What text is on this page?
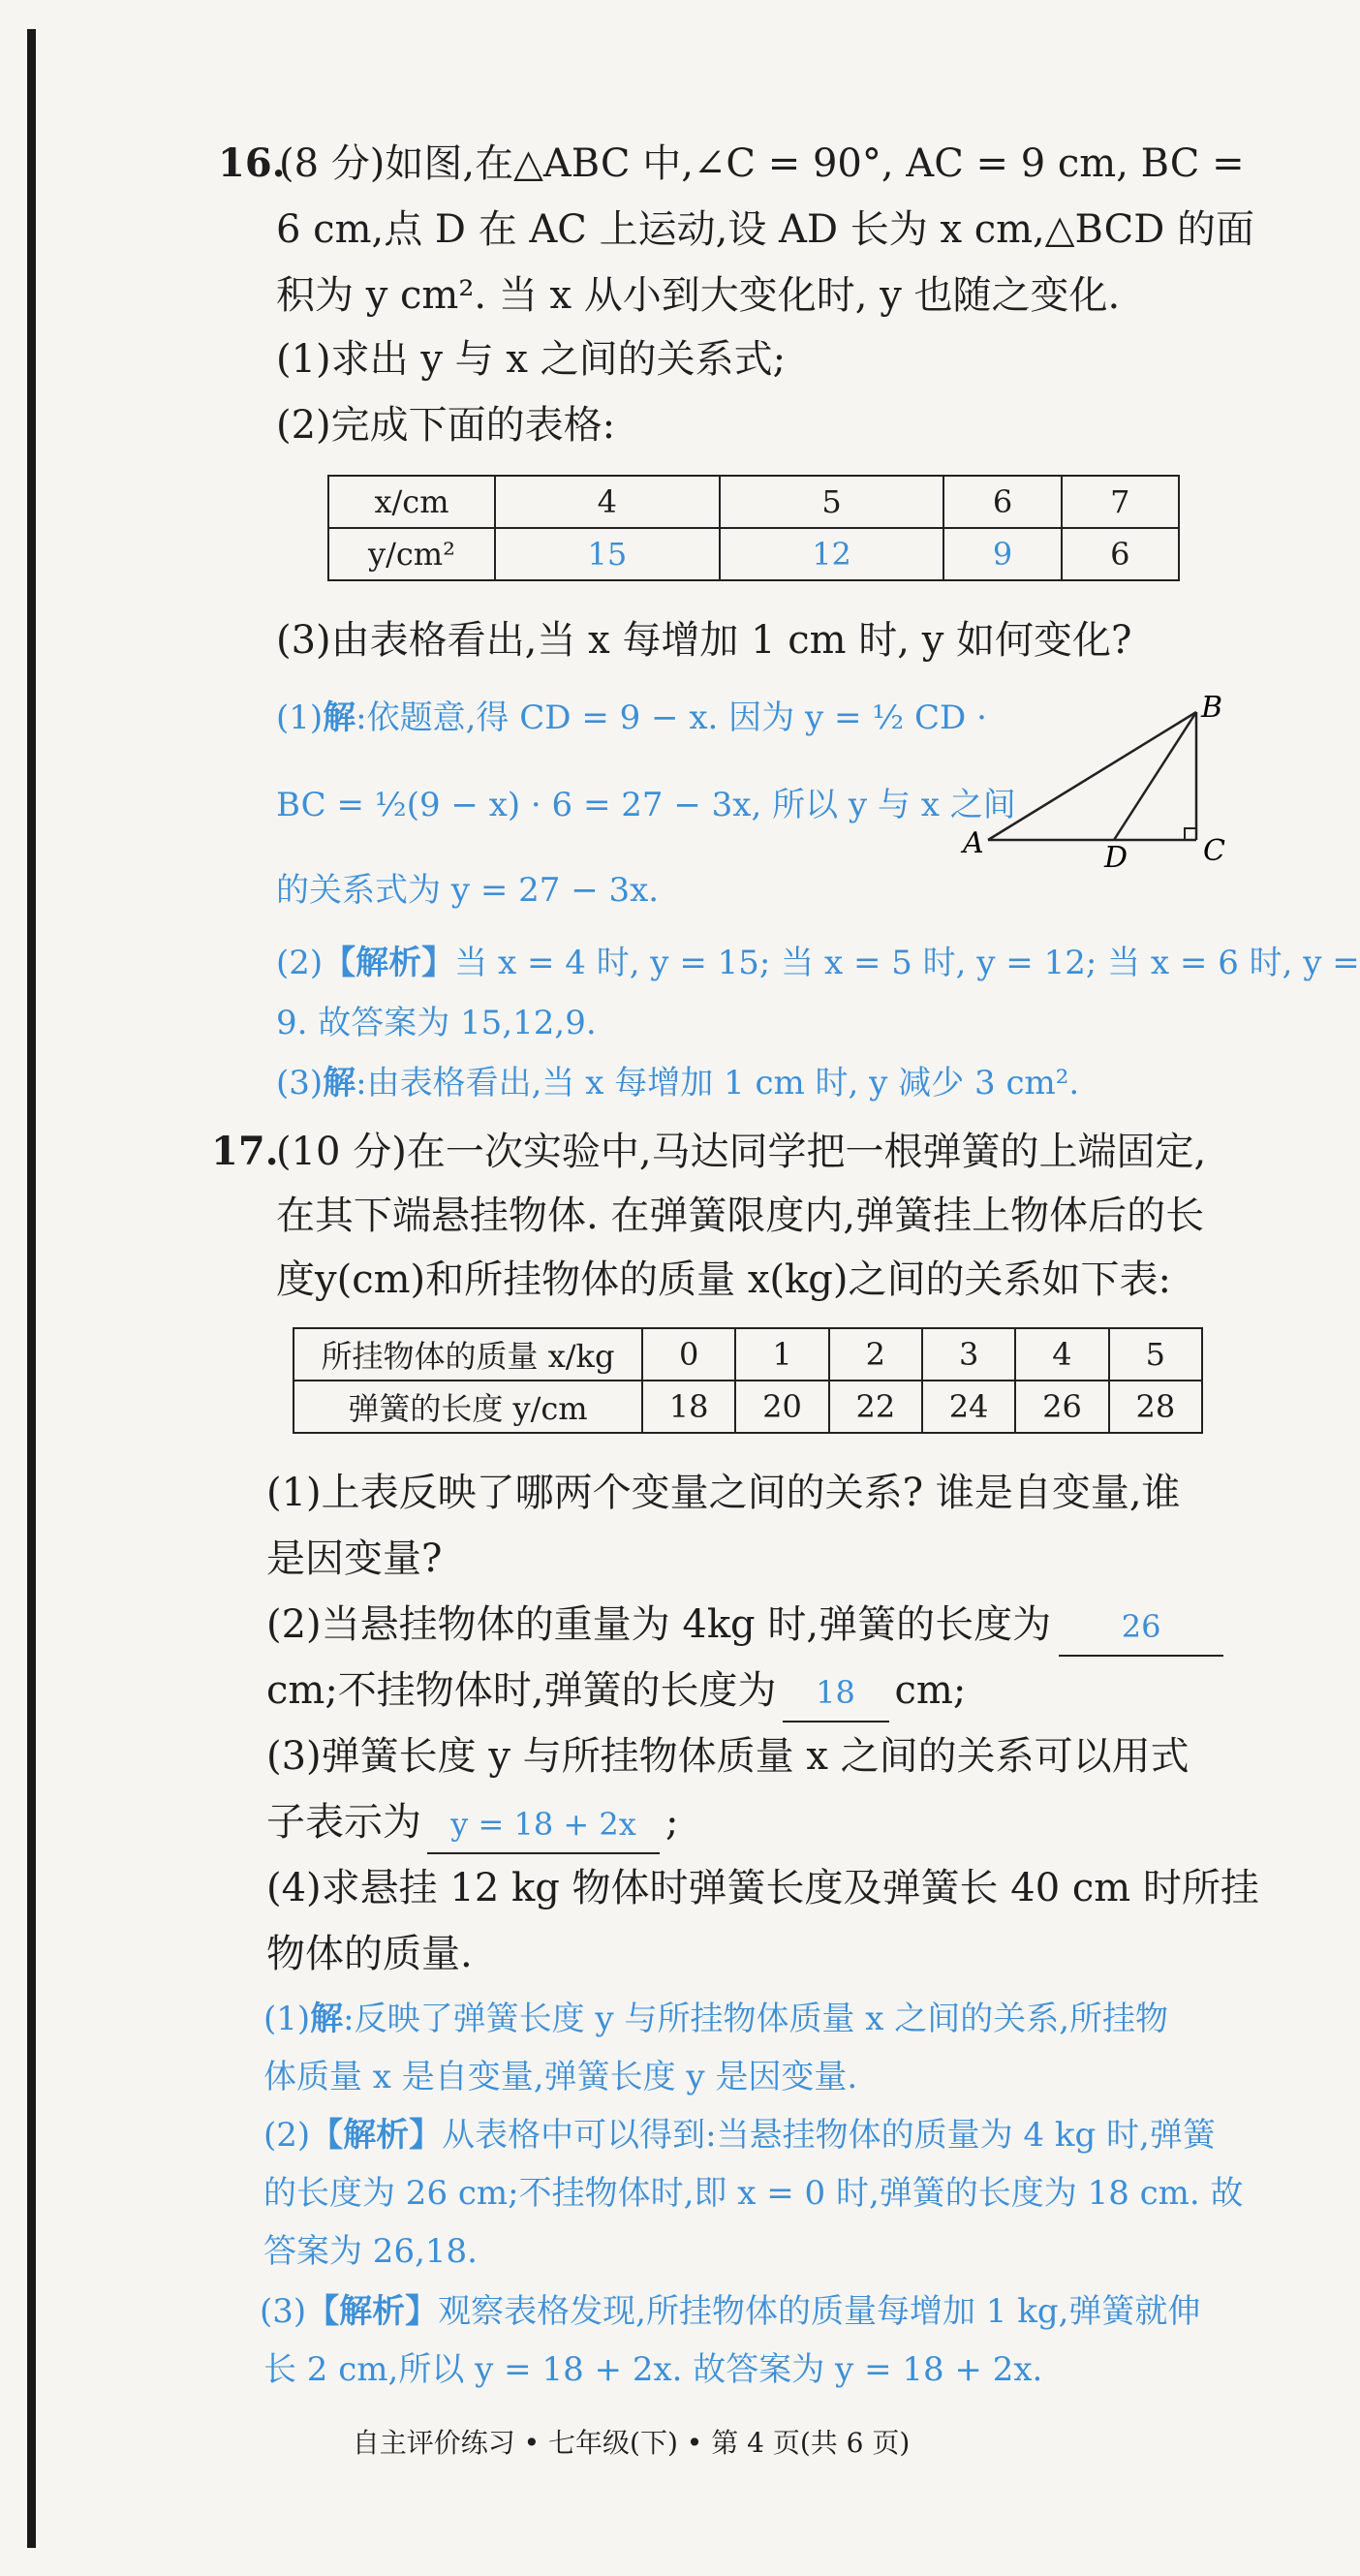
16.
(8 分)如图,在△ABC 中,∠C = 90°, AC = 9 cm, BC =
6 cm,点 D 在 AC 上运动,设 AD 长为 x cm,△BCD 的面
积为 y cm². 当 x 从小到大变化时, y 也随之变化.
(1)求出 y 与 x 之间的关系式;
(2)完成下面的表格:
x/cm	4	5	6	7
y/cm²	15	12	9	6
(3)由表格看出,当 x 每增加 1 cm 时, y 如何变化?
(1)解:依题意,得 CD = 9 − x. 因为 y = ½ CD ·
BC = ½(9 − x) · 6 = 27 − 3x, 所以 y 与 x 之间
的关系式为 y = 27 − 3x.
A
B
C
D
(2)【解析】当 x = 4 时, y = 15; 当 x = 5 时, y = 12; 当 x = 6 时, y =
9. 故答案为 15,12,9.
(3)解:由表格看出,当 x 每增加 1 cm 时, y 减少 3 cm².
17.
(10 分)在一次实验中,马达同学把一根弹簧的上端固定,
在其下端悬挂物体. 在弹簧限度内,弹簧挂上物体后的长
度y(cm)和所挂物体的质量 x(kg)之间的关系如下表:
所挂物体的质量 x/kg	0	1	2	3	4	5
弹簧的长度 y/cm	18	20	22	24	26	28
(1)上表反映了哪两个变量之间的关系? 谁是自变量,谁
是因变量?
(2)当悬挂物体的重量为 4kg 时,弹簧的长度为 26
cm;不挂物体时,弹簧的长度为 18 cm;
(3)弹簧长度 y 与所挂物体质量 x 之间的关系可以用式
子表示为 y = 18 + 2x ;
(4)求悬挂 12 kg 物体时弹簧长度及弹簧长 40 cm 时所挂
物体的质量.
(1)解:反映了弹簧长度 y 与所挂物体质量 x 之间的关系,所挂物
体质量 x 是自变量,弹簧长度 y 是因变量.
(2)【解析】从表格中可以得到:当悬挂物体的质量为 4 kg 时,弹簧
的长度为 26 cm;不挂物体时,即 x = 0 时,弹簧的长度为 18 cm. 故
答案为 26,18.
(3)【解析】观察表格发现,所挂物体的质量每增加 1 kg,弹簧就伸
自主评价练习 • 七年级(下) • 第 4 页(共 6 页)
长 2 cm,所以 y = 18 + 2x. 故答案为 y = 18 + 2x.
